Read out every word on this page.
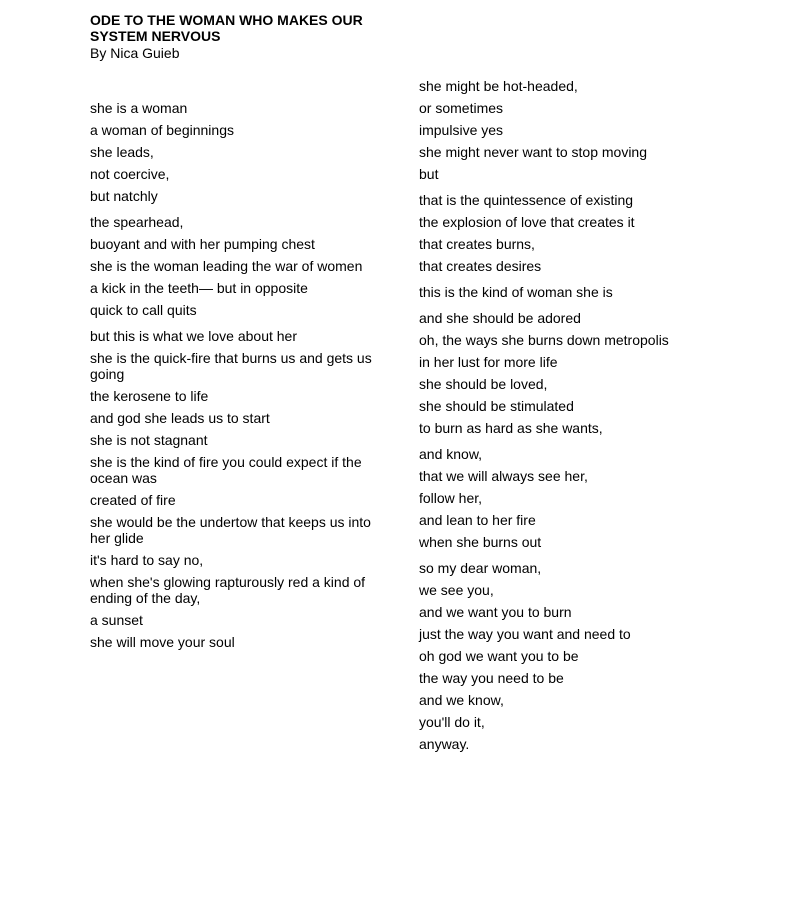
ODE TO THE WOMAN WHO MAKES OUR SYSTEM NERVOUS

By Nica Guieb

she is a woman
a woman of beginnings
she leads,
not coercive,
but natchly
the spearhead,
buoyant and with her pumping chest
she is the woman leading the war of women
a kick in the teeth— but in opposite
quick to call quits
but this is what we love about her
she is the quick-fire that burns us and gets us going
the kerosene to life
and god she leads us to start
she is not stagnant
she is the kind of fire you could expect if the ocean was
created of fire
she would be the undertow that keeps us into her glide
it's hard to say no,
when she's glowing rapturously red a kind of ending of the day,
a sunset
she will move your soul
she might be hot-headed,
or sometimes
impulsive yes
she might never want to stop moving
but
that is the quintessence of existing
the explosion of love that creates it
that creates burns,
that creates desires
this is the kind of woman she is
and she should be adored
oh, the ways she burns down metropolis
in her lust for more life
she should be loved,
she should be stimulated
to burn as hard as she wants,
and know,
that we will always see her,
follow her,
and lean to her fire
when she burns out
so my dear woman,
we see you,
and we want you to burn
just the way you want and need to
oh god we want you to be
the way you need to be
and we know,
you'll do it,
anyway.
